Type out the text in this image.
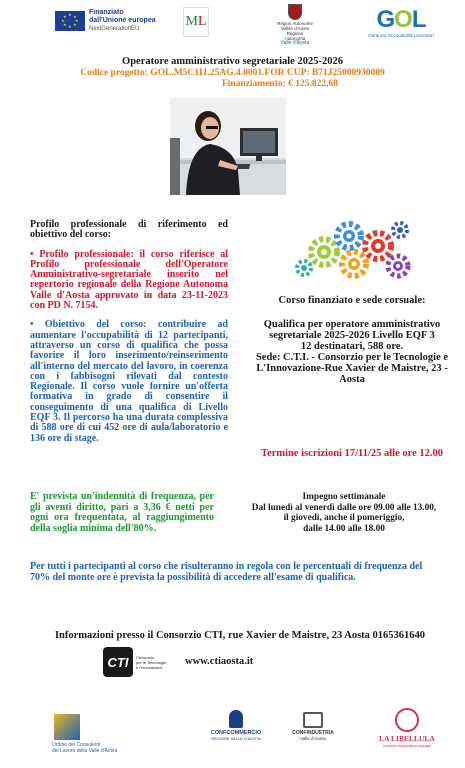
★ ★
★
★
★
★
★
★
Finanziato
dall'Unione europea
NextGenerationEU	M L	Région Autonome
Vallée d'Aoste
Regione Autonoma
Valle d'Aosta
GOL
Garanzia Occupabilità Lavoratori
Operatore amministrativo segretariale 2025-2026
Codice progetto: GOL.M5C1I1.25AG.4.0001.FOR CUP: B71J25000930009
Finanziamento: € 125.822,68

Profilo professionale di riferimento ed obiettivo del corso:

• Profilo professionale: il corso riferisce al Profilo professionale dell'Operatore Amministrativo-segretariale inserito nel repertorio regionale della Regione Autonoma Valle d'Aosta approvato in data 23-11-2023 con PD N. 7154.

• Obiettivo del corso: contribuire ad aumentare l'occupabilità di 12 partecipanti, attraverso un corso di qualifica che possa favorire il loro inserimento/reinserimento all'interno del mercato del lavoro, in coerenza con i fabbisogni rilevati dal contesto Regionale. Il corso vuole fornire un'offerta formativa in grado di consentire il conseguimento di una qualifica di Livello EQF 3. Il percorso ha una durata complessiva di 588 ore di cui 452 ore di aula/laboratorio e 136 ore di stage.

Corso finanziato e sede corsuale:
Qualifica per operatore amministrativo segretariale 2025-2026 Livello EQF 3
12 destinatari, 588 ore.
Sede: C.T.I. - Consorzio per le Tecnologie e L'Innovazione-Rue Xavier de Maistre, 23 - Aosta
Termine iscrizioni 17/11/25 alle ore 12.00
E' prevista un'indennità di frequenza, per gli aventi diritto, pari a 3,36 € netti per ogni ora frequentata, al raggiungimento della soglia minima dell'80%.
Impegno settimanale
Dal lunedì al venerdì dalle ore 09.00 alle 13.00,
il giovedì, anche il pomeriggio,
dalle 14.00 alle 18.00
Per tutti i partecipanti al corso che risulteranno in regola con le percentuali di frequenza del 70% del monte ore è prevista la possibilità di accedere all'esame di qualifica.
Informazioni presso il Consorzio CTI, rue Xavier de Maistre, 23 Aosta 0165361640
CTI	Consorzio
per le Tecnologie
e l'Innovazione	www.ctiaosta.it
Ordine dei Consulenti
del Lavoro della Valle d'Aosta
CONFCOMMERCIO
REGIONE VALLE D'AOSTA
CONFINDUSTRIA
Valle d'Aosta	LA LIBELLULA
società cooperativa sociale
